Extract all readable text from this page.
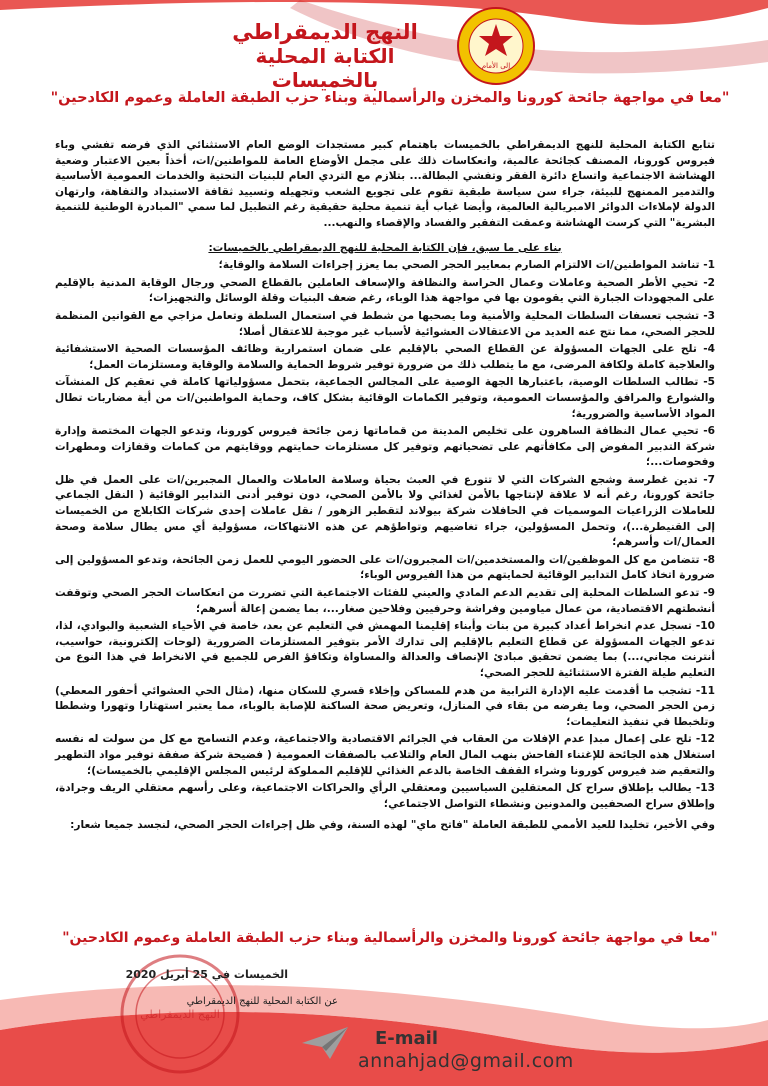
إلى الأمام
النهج الديمقراطي
الكتابة المحلية بالخميسات
"معا في مواجهة جائحة كورونا والمخزن والرأسمالية وبناء حزب الطبقة العاملة وعموم الكادحين"

تتابع الكتابة المحلية للنهج الديمقراطي بالخميسات باهتمام كبير مستجدات الوضع العام الاستثنائي الذي فرضه تفشي وباء فيروس كورونا، المصنف كجائحة عالمية، وانعكاسات ذلك على مجمل الأوضاع العامة للمواطنين/ات، أخذاً بعين الاعتبار وضعية الهشاشة الاجتماعية واتساع دائرة الفقر وتفشي البطالة... بتلازم مع التردي العام للبنيات التحتية والخدمات العمومية الأساسية والتدمير الممنهج للبيئة، جراء سن سياسة طبقية تقوم على تجويع الشعب وتجهيله وتسييد ثقافة الاستبداد والتفاهة، وارتهان الدولة لإملاءات الدوائر الامبريالية العالمية، وأيضا غياب أية تنمية محلية حقيقية رغم التطبيل لما سمي "المبادرة الوطنية للتنمية البشرية" التي كرست الهشاشة وعمقت التفقير والفساد والإقصاء والنهب...

بناء على ما سبق، فإن الكتابة المحلية للنهج الديمقراطي بالخميسات:

1- تناشد المواطنين/ات الالتزام الصارم بمعايير الحجر الصحي بما يعزز إجراءات السلامة والوقاية؛

2- تحيي الأطر الصحية وعاملات وعمال الحراسة والنظافة والإسعاف العاملين بالقطاع الصحي ورجال الوقاية المدنية بالإقليم على المجهودات الجبارة التي يقومون بها في مواجهة هذا الوباء، رغم ضعف البنيات وقلة الوسائل والتجهيزات؛

3- تشجب تعسفات السلطات المحلية والأمنية وما يصحبها من شطط في استعمال السلطة وتعامل مزاجي مع القوانين المنظمة للحجر الصحي، مما نتج عنه العديد من الاعتقالات العشوائية لأسباب غير موجبة للاعتقال أصلا؛

4- تلح على الجهات المسؤولة عن القطاع الصحي بالإقليم على ضمان استمرارية وظائف المؤسسات الصحية الاستشفائية والعلاجية كاملة ولكافة المرضى، مع ما يتطلب ذلك من ضرورة توفير شروط الحماية والسلامة والوقاية ومستلزمات العمل؛

5- تطالب السلطات الوصية، باعتبارها الجهة الوصية على المجالس الجماعية، بتحمل مسؤولياتها كاملة في تعقيم كل المنشآت والشوارع والمرافق والمؤسسات العمومية، وتوفير الكمامات الوقائية بشكل كاف، وحماية المواطنين/ات من أية مضاربات تطال المواد الأساسية والضرورية؛

6- تحيي عمال النظافة الساهرون على تخليص المدينة من قماماتها زمن جائحة فيروس كورونا، وتدعو الجهات المختصة وإدارة شركة التدبير المفوض إلى مكافأتهم على تضحياتهم وتوفير كل مستلزمات حمايتهم ووقايتهم من كمامات وقفازات ومطهرات وفحوصات...؛

7- تدين غطرسة وشجع الشركات التي لا تتورع في العبث بحياة وسلامة العاملات والعمال المجبرين/ات على العمل في ظل جائحة كورونا، رغم أنه لا علاقة لإنتاجها بالأمن لغذائي ولا بالأمن الصحي، دون توفير أدنى التدابير الوقائية ( النقل الجماعي للعاملات الزراعيات الموسميات في الحافلات شركة بيولاند لتقطير الزهور / نقل عاملات إحدى شركات الكابلاج من الخميسات إلى القنيطرة...)، وتحمل المسؤولين، جراء تغاضيهم وتواطؤهم عن هذه الانتهاكات، مسؤولية أي مس يطال سلامة وصحة العمال/ات وأسرهم؛

8- تتضامن مع كل الموظفين/ات والمستخدمين/ات المجبرون/ات على الحضور اليومي للعمل زمن الجائحة، وتدعو المسؤولين إلى ضرورة اتخاذ كامل التدابير الوقائية لحمايتهم من هذا الفيروس الوباء؛

9- تدعو السلطات المحلية إلى تقديم الدعم المادي والعيني للفئات الاجتماعية التي تضررت من انعكاسات الحجر الصحي وتوقفت أنشطتهم الاقتصادية، من عمال مياومين وفراشة وحرفيين وفلاحين صغار...، بما يضمن إعالة أسرهم؛

10- تسجل عدم انخراط أعداد كبيرة من بنات وأبناء إقليمنا المهمش في التعليم عن بعد، خاصة في الأحياء الشعبية والبوادي، لذا، تدعو الجهات المسؤولة عن قطاع التعليم بالإقليم إلى تدارك الأمر بتوفير المستلزمات الضرورية (لوحات إلكترونية، حواسيب، أنترنت مجاني،...) بما يضمن تحقيق مبادئ الإنصاف والعدالة والمساواة وتكافؤ الفرص للجميع في الانخراط في هذا النوع من التعليم طيلة الفترة الاستثنائية للحجر الصحي؛

11- تشجب ما أقدمت عليه الإدارة الترابية من هدم للمساكن وإخلاء قسري للسكان منها، (مثال الحي العشوائي أحفور المعطي) زمن الحجر الصحي، وما يفرضه من بقاء في المنازل، وتعريض صحة الساكنة للإصابة بالوباء، مما يعتبر استهتارا وتهورا وشططا وتلخبطا في تنفيذ التعليمات؛

12- تلح على إعمال مبدإ عدم الإفلات من العقاب في الجرائم الاقتصادية والاجتماعية، وعدم التسامح مع كل من سولت له نفسه استغلال هذه الجائحة للإغتناء الفاحش بنهب المال العام والتلاعب بالصفقات العمومية ( فضيحة شركة صفقة توفير مواد التطهير والتعقيم ضد فيروس كورونا وشراء القفف الخاصة بالدعم الغذائي للإقليم المملوكة لرئيس المجلس الإقليمي بالخميسات)؛

13- يطالب بإطلاق سراح كل المعتقلين السياسيين ومعتقلي الرأي والحراكات الاجتماعية، وعلى رأسهم معتقلي الريف وجرادة، وإطلاق سراح الصحفيين والمدونين ونشطاء التواصل الاجتماعي؛

وفي الأخير، تخليدا للعيد الأممي للطبقة العاملة "فاتح ماي" لهذه السنة، وفي ظل إجراءات الحجر الصحي، لنجسد جميعا شعار:

"معا في مواجهة جائحة كورونا والمخزن والرأسمالية وبناء حزب الطبقة العاملة وعموم الكادحين"
النهج الديمقراطي
الخميسات في 25 أبريل 2020
عن الكتابة المحلية للنهج الديمقراطي
E-mail
annahjad@gmail.com
